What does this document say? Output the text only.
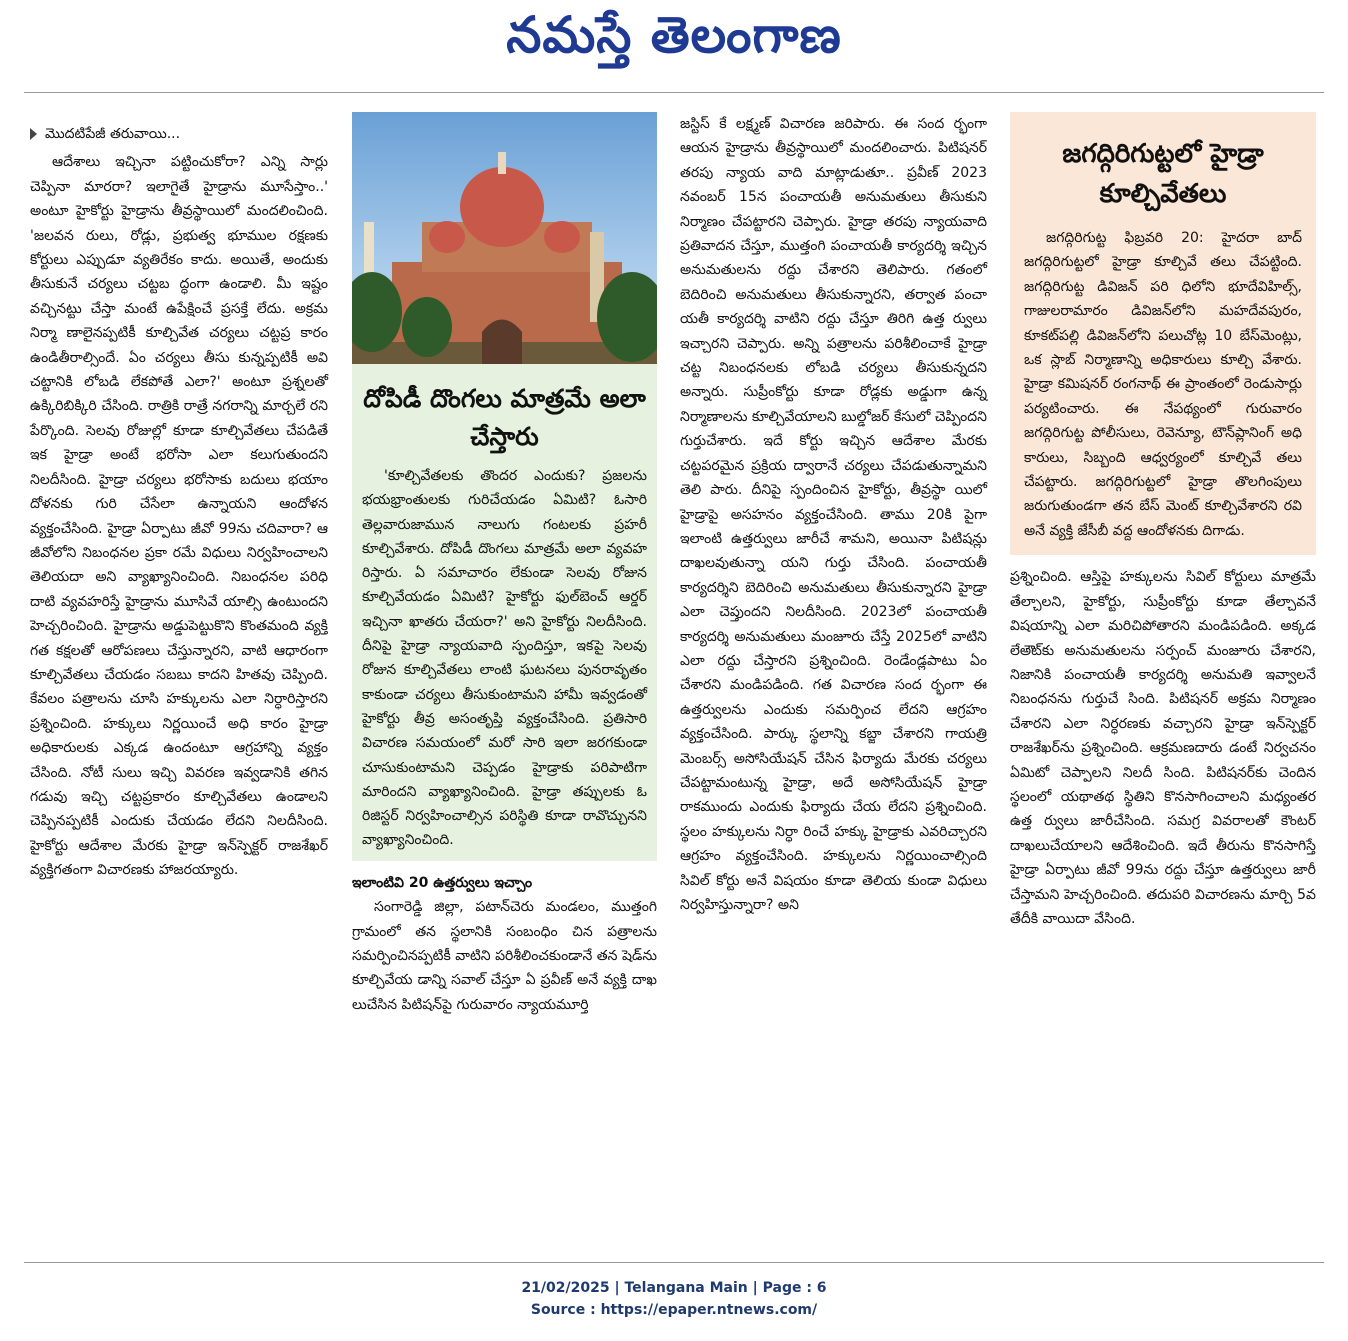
నమస్తే తెలంగాణ

మొదటిపేజీ తరువాయి...

ఆదేశాలు ఇచ్చినా పట్టించుకోరా? ఎన్ని సార్లు చెప్పినా మారరా? ఇలాగైతే హైడ్రాను మూసేస్తాం..' అంటూ హైకోర్టు హైడ్రాను తీవ్రస్థాయిలో మందలించింది. 'జలవన రులు, రోడ్లు, ప్రభుత్వ భూముల రక్షణకు కోర్టులు ఎప్పుడూ వ్యతిరేకం కాదు. అయితే, అందుకు తీసుకునే చర్యలు చట్టబ ద్ధంగా ఉండాలి. మీ ఇష్టం వచ్చినట్టు చేస్తా మంటే ఉపేక్షించే ప్రసక్తే లేదు. అక్రమ నిర్మా ణాలైనప్పటికీ కూల్చివేత చర్యలు చట్టప్ర కారం ఉండితీరాల్సిందే. ఏం చర్యలు తీసు కున్నప్పటికీ అవి చట్టానికి లోబడి లేకపోతే ఎలా?' అంటూ ప్రశ్నలతో ఉక్కిరిబిక్కిరి చేసింది. రాత్రికి రాత్రే నగరాన్ని మార్చలే రని పేర్కొంది. సెలవు రోజుల్లో కూడా కూల్చివేతలు చేపడితే ఇక హైడ్రా అంటే భరోసా ఎలా కలుగుతుందని నిలదీసింది. హైడ్రా చర్యలు భరోసాకు బదులు భయాం దోళనకు గురి చేసేలా ఉన్నాయని ఆందోళన వ్యక్తంచేసింది. హైడ్రా ఏర్పాటు జీవో 99ను చదివారా? ఆ జీవోలోని నిబంధనల ప్రకా రమే విధులు నిర్వహించాలని తెలియదా అని వ్యాఖ్యానించింది. నిబంధనల పరిధి దాటి వ్యవహరిస్తే హైడ్రాను మూసివే యాల్సి ఉంటుందని హెచ్చరించింది. హైడ్రాను అడ్డుపెట్టుకొని కొంతమంది వ్యక్తి గత కక్షలతో ఆరోపణలు చేస్తున్నారని, వాటి ఆధారంగా కూల్చివేతలు చేయడం సబబు కాదని హితవు చెప్పింది. కేవలం పత్రాలను చూసి హక్కులను ఎలా నిర్ధారిస్తారని ప్రశ్నించింది. హక్కులు నిర్ణయించే అధి కారం హైడ్రా అధికారులకు ఎక్కడ ఉందంటూ ఆగ్రహాన్ని వ్యక్తం చేసింది. నోటీ సులు ఇచ్చి వివరణ ఇవ్వడానికి తగిన గడువు ఇచ్చి చట్టప్రకారం కూల్చివేతలు ఉండాలని చెప్పినప్పటికీ ఎందుకు చేయడం లేదని నిలదీసింది. హైకోర్టు ఆదేశాల మేరకు హైడ్రా ఇన్‌స్పెక్టర్ రాజశేఖర్ వ్యక్తిగతంగా విచారణకు హాజరయ్యారు.

దోపిడీ దొంగలు మాత్రమే అలా చేస్తారు

'కూల్చివేతలకు తొందర ఎందుకు? ప్రజలను భయభ్రాంతులకు గురిచేయడం ఏమిటి? ఓసారి తెల్లవారుజామున నాలుగు గంటలకు ప్రహరీ కూల్చివేశారు. దోపిడీ దొంగలు మాత్రమే అలా వ్యవహ రిస్తారు. ఏ సమాచారం లేకుండా సెలవు రోజున కూల్చివేయడం ఏమిటి? హైకోర్టు ఫుల్‌బెంచ్ ఆర్డర్ ఇచ్చినా ఖాతరు చేయరా?' అని హైకోర్టు నిలదీసింది. దీనిపై హైడ్రా న్యాయవాది స్పందిస్తూ, ఇకపై సెలవు రోజున కూల్చివేతలు లాంటి ఘటనలు పునరావృతం కాకుండా చర్యలు తీసుకుంటామని హామీ ఇవ్వడంతో హైకోర్టు తీవ్ర అసంతృప్తి వ్యక్తంచేసింది. ప్రతిసారి విచారణ సమయంలో మరో సారి ఇలా జరగకుండా చూసుకుంటామని చెప్పడం హైడ్రాకు పరిపాటిగా మారిందని వ్యాఖ్యానించింది. హైడ్రా తప్పులకు ఓ రిజిస్టర్ నిర్వహించాల్సిన పరిస్థితి కూడా రావొచ్చునని వ్యాఖ్యానించింది.

ఇలాంటివి 20 ఉత్తర్వులు ఇచ్చాం

సంగారెడ్డి జిల్లా, పటాన్‌చెరు మండలం, ముత్తంగి గ్రామంలో తన స్థలానికి సంబంధిం చిన పత్రాలను సమర్పించినప్పటికీ వాటిని పరిశీలించకుండానే తన షెడ్‌ను కూల్చివేయ డాన్ని సవాల్ చేస్తూ ఏ ప్రవీణ్ అనే వ్యక్తి దాఖ లుచేసిన పిటిషన్‌పై గురువారం న్యాయమూర్తి

జస్టిస్ కే లక్ష్మణ్ విచారణ జరిపారు. ఈ సంద ర్భంగా ఆయన హైడ్రాను తీవ్రస్థాయిలో మందలించారు. పిటిషనర్ తరపు న్యాయ వాది మాట్లాడుతూ.. ప్రవీణ్ 2023 నవంబర్ 15న పంచాయతీ అనుమతులు తీసుకుని నిర్మాణం చేపట్టారని చెప్పారు. హైడ్రా తరపు న్యాయవాది ప్రతివాదన చేస్తూ, ముత్తంగి పంచాయతీ కార్యదర్శి ఇచ్చిన అనుమతులను రద్దు చేశారని తెలిపారు. గతంలో బెదిరించి అనుమతులు తీసుకున్నారని, తర్వాత పంచా యతీ కార్యదర్శి వాటిని రద్దు చేస్తూ తిరిగి ఉత్త ర్వులు ఇచ్చారని చెప్పారు. అన్ని పత్రాలను పరిశీలించాకే హైడ్రా చట్ట నిబంధనలకు లోబడి చర్యలు తీసుకున్నదని అన్నారు. సుప్రీంకోర్టు కూడా రోడ్లకు అడ్డుగా ఉన్న నిర్మాణాలను కూల్చివేయాలని బుల్డోజర్ కేసులో చెప్పిందని గుర్తుచేశారు. ఇదే కోర్టు ఇచ్చిన ఆదేశాల మేరకు చట్టపరమైన ప్రక్రియ ద్వారానే చర్యలు చేపడుతున్నామని తెలి పారు. దీనిపై స్పందించిన హైకోర్టు, తీవ్రస్థా యిలో హైడ్రాపై అసహనం వ్యక్తంచేసింది. తాము 20కి పైగా ఇలాంటి ఉత్తర్వులు జారీచే శామని, అయినా పిటిషన్లు దాఖలవుతున్నా యని గుర్తు చేసింది. పంచాయతీ కార్యదర్శిని బెదిరించి అనుమతులు తీసుకున్నారని హైడ్రా ఎలా చెప్తుందని నిలదీసింది. 2023లో పంచాయతీ కార్యదర్శి అనుమతులు మంజూరు చేస్తే 2025లో వాటిని ఎలా రద్దు చేస్తారని ప్రశ్నించింది. రెండేండ్లపాటు ఏం చేశారని మండిపడింది. గత విచారణ సంద ర్భంగా ఈ ఉత్తర్వులను ఎందుకు సమర్పించ లేదని ఆగ్రహం వ్యక్తంచేసింది. పార్కు స్థలాన్ని కబ్జా చేశారని గాయత్రి మెంబర్స్ అసోసియేషన్ చేసిన ఫిర్యాదు మేరకు చర్యలు చేపట్టామంటున్న హైడ్రా, అదే అసోసియేషన్ హైడ్రా రాకముందు ఎందుకు ఫిర్యాదు చేయ లేదని ప్రశ్నించింది. స్థలం హక్కులను నిర్ధా రించే హక్కు హైడ్రాకు ఎవరిచ్చారని ఆగ్రహం వ్యక్తంచేసింది. హక్కులను నిర్ణయించాల్సింది సివిల్ కోర్టు అనే విషయం కూడా తెలియ కుండా విధులు నిర్వహిస్తున్నారా? అని

జగద్గిరిగుట్టలో హైడ్రా కూల్చివేతలు

జగద్గిరిగుట్ట ఫిబ్రవరి 20: హైదరా బాద్ జగద్గిరిగుట్టలో హైడ్రా కూల్చివే తలు చేపట్టింది. జగద్గిరిగుట్ట డివిజన్ పరి ధిలోని భూదేవిహిల్స్, గాజులరామారం డివిజన్‌లోని మహదేవపురం, కూకట్‌పల్లి డివిజన్‌లోని పలుచోట్ల 10 బేస్‌మెంట్లు, ఒక స్లాబ్ నిర్మాణాన్ని అధికారులు కూల్చి వేశారు. హైడ్రా కమిషనర్ రంగనాథ్ ఈ ప్రాంతంలో రెండుసార్లు పర్యటించారు. ఈ నేపథ్యంలో గురువారం జగద్గిరిగుట్ట పోలీసులు, రెవెన్యూ, టౌన్‌ప్లానింగ్ అధి కారులు, సిబ్బంది ఆధ్వర్యంలో కూల్చివే తలు చేపట్టారు. జగద్గిరిగుట్టలో హైడ్రా తొలగింపులు జరుగుతుండగా తన బేస్ మెంట్ కూల్చివేశారని రవి అనే వ్యక్తి జేసీబీ వద్ద ఆందోళనకు దిగాడు.

ప్రశ్నించింది. ఆస్తిపై హక్కులను సివిల్ కోర్టులు మాత్రమే తేల్చాలని, హైకోర్టు, సుప్రీంకోర్టు కూడా తేల్చావనే విషయాన్ని ఎలా మరిచిపోతారని మండిపడింది. అక్కడ లేఅౌట్‌కు అనుమతులను సర్పంచ్ మంజూరు చేశారని, నిజానికి పంచాయతీ కార్యదర్శి అనుమతి ఇవ్వాలనే నిబంధనను గుర్తుచే సింది. పిటిషనర్ అక్రమ నిర్మాణం చేశారని ఎలా నిర్ధరణకు వచ్చారని హైడ్రా ఇన్‌స్పెక్టర్ రాజశేఖర్‌ను ప్రశ్నించింది. ఆక్రమణదారు డంటే నిర్వచనం ఏమిటో చెప్పాలని నిలదీ సింది. పిటిషనర్‌కు చెందిన స్థలంలో యథాతథ స్థితిని కొనసాగించాలని మధ్యంతర ఉత్త ర్వులు జారీచేసింది. సమగ్ర వివరాలతో కౌంటర్ దాఖలుచేయాలని ఆదేశించింది. ఇదే తీరును కొనసాగిస్తే హైడ్రా ఏర్పాటు జీవో 99ను రద్దు చేస్తూ ఉత్తర్వులు జారీ చేస్తామని హెచ్చరించింది. తదుపరి విచారణను మార్చి 5వ తేదీకి వాయిదా వేసింది.

21/02/2025 | Telangana Main | Page : 6
Source : https://epaper.ntnews.com/
